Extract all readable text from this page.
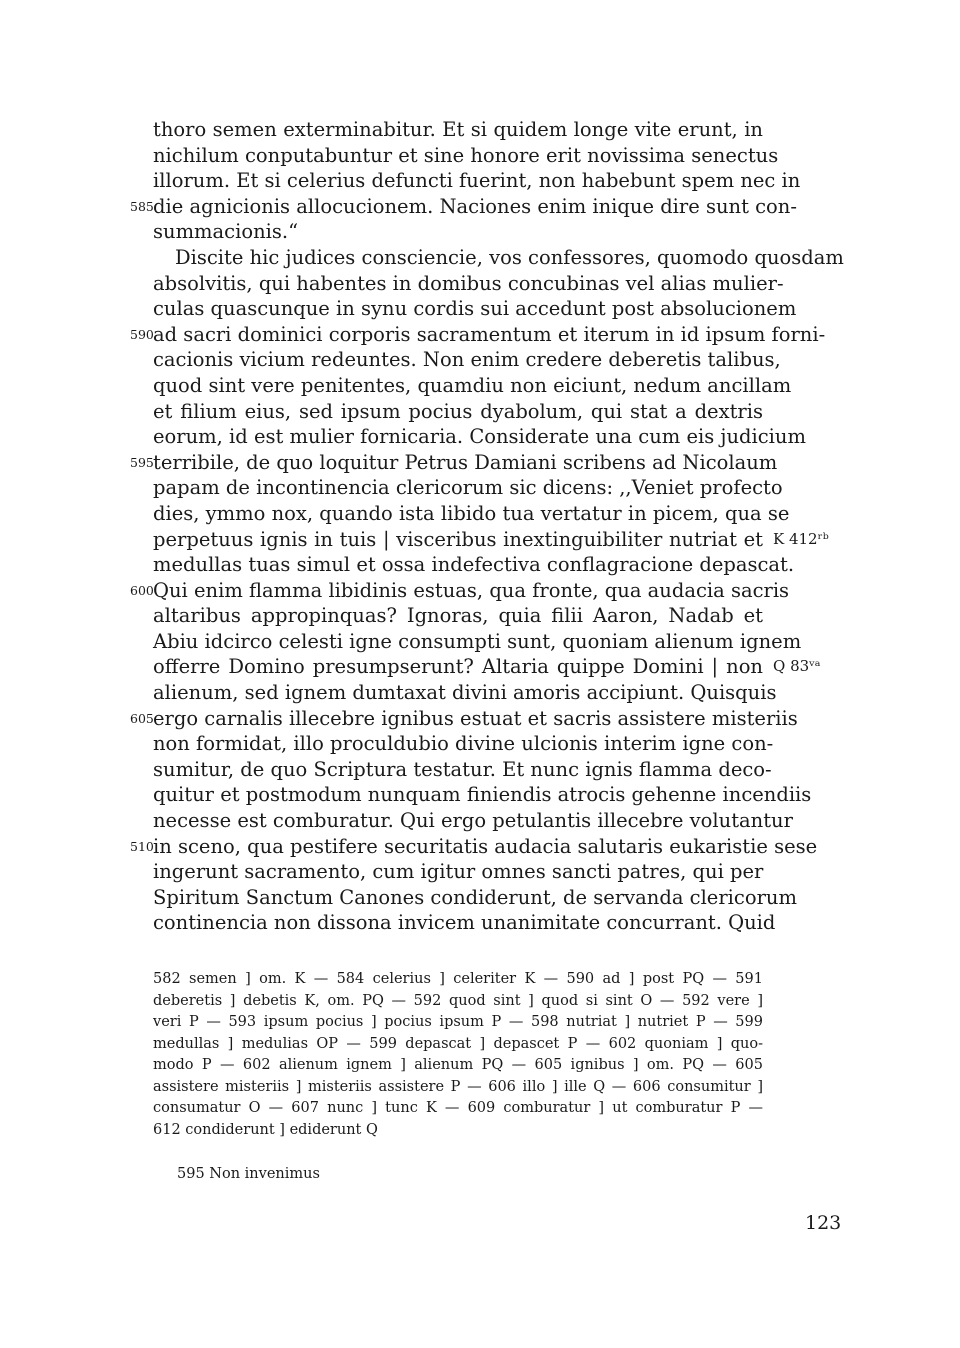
thoro semen exterminabitur. Et si quidem longe vite erunt, in
nichilum conputabuntur et sine honore erit novissima senectus
illorum. Et si celerius defuncti fuerint, non habebunt spem nec in
die agnicionis allocucionem. Naciones enim inique dire sunt con-
585
summacionis.“
Discite hic judices consciencie, vos confessores, quomodo quosdam
absolvitis, qui habentes in domibus concubinas vel alias mulier-
culas quascunque in synu cordis sui accedunt post absolucionem
ad sacri dominici corporis sacramentum et iterum in id ipsum forni-
590
cacionis vicium redeuntes. Non enim credere deberetis talibus,
quod sint vere penitentes, quamdiu non eiciunt, nedum ancillam
et filium eius, sed ipsum pocius dyabolum, qui stat a dextris
eorum, id est mulier fornicaria. Considerate una cum eis judicium
terribile, de quo loquitur Petrus Damiani scribens ad Nicolaum
595
papam de incontinencia clericorum sic dicens: ,,Veniet profecto
dies, ymmo nox, quando ista libido tua vertatur in picem, qua se
perpetuus ignis in tuis | visceribus inextinguibiliter nutriat et K 412ʳᵇ
medullas tuas simul et ossa indefectiva conflagracione depascat.
Qui enim flamma libidinis estuas, qua fronte, qua audacia sacris
600
altaribus appropinquas? Ignoras, quia filii Aaron, Nadab et
Abiu idcirco celesti igne consumpti sunt, quoniam alienum ignem
offerre Domino presumpserunt? Altaria quippe Domini | non Q 83ᵛᵃ
alienum, sed ignem dumtaxat divini amoris accipiunt. Quisquis
ergo carnalis illecebre ignibus estuat et sacris assistere misteriis
605
non formidat, illo proculdubio divine ulcionis interim igne con-
sumitur, de quo Scriptura testatur. Et nunc ignis flamma deco-
quitur et postmodum nunquam finiendis atrocis gehenne incendiis
necesse est comburatur. Qui ergo petulantis illecebre volutantur
in sceno, qua pestifere securitatis audacia salutaris eukaristie sese
510
ingerunt sacramento, cum igitur omnes sancti patres, qui per
Spiritum Sanctum Canones condiderunt, de servanda clericorum
continencia non dissona invicem unanimitate concurrant. Quid
582 semen ] om. K — 584 celerius ] celeriter K — 590 ad ] post PQ — 591
deberetis ] debetis K, om. PQ — 592 quod sint ] quod si sint O — 592 vere ]
veri P — 593 ipsum pocius ] pocius ipsum P — 598 nutriat ] nutriet P — 599
medullas ] medulias OP — 599 depascat ] depascet P — 602 quoniam ] quo-
modo P — 602 alienum ignem ] alienum PQ — 605 ignibus ] om. PQ — 605
assistere misteriis ] misteriis assistere P — 606 illo ] ille Q — 606 consumitur ]
consumatur O — 607 nunc ] tunc K — 609 comburatur ] ut comburatur P —
612 condiderunt ] ediderunt Q
595 Non invenimus
123
